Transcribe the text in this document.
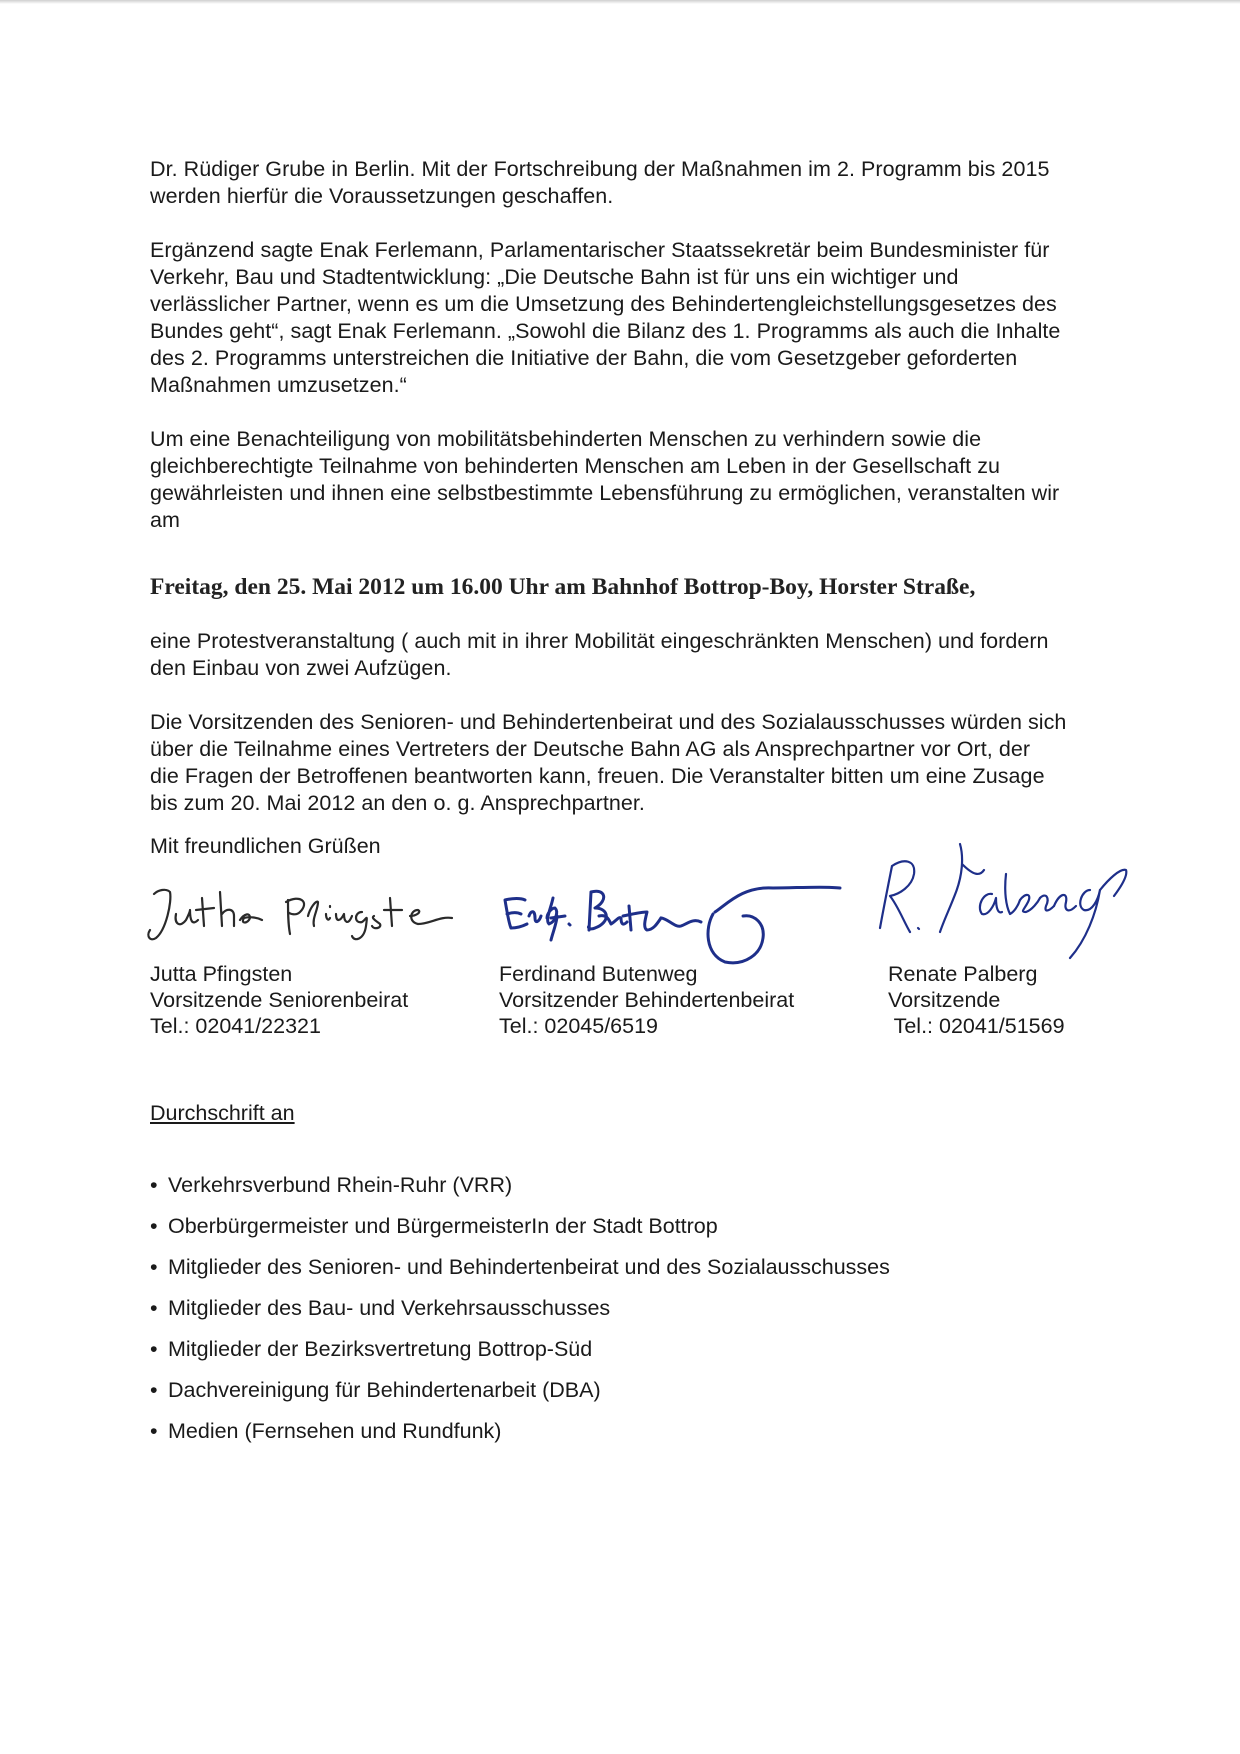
Dr. Rüdiger Grube in Berlin. Mit der Fortschreibung der Maßnahmen im 2. Programm bis 2015
werden hierfür die Voraussetzungen geschaffen.

Ergänzend sagte Enak Ferlemann, Parlamentarischer Staatssekretär beim Bundesminister für
Verkehr, Bau und Stadtentwicklung: „Die Deutsche Bahn ist für uns ein wichtiger und
verlässlicher Partner, wenn es um die Umsetzung des Behindertengleichstellungsgesetzes des
Bundes geht“, sagt Enak Ferlemann. „Sowohl die Bilanz des 1. Programms als auch die Inhalte
des 2. Programms unterstreichen die Initiative der Bahn, die vom Gesetzgeber geforderten
Maßnahmen umzusetzen.“

Um eine Benachteiligung von mobilitätsbehinderten Menschen zu verhindern sowie die
gleichberechtigte Teilnahme von behinderten Menschen am Leben in der Gesellschaft zu
gewährleisten und ihnen eine selbstbestimmte Lebensführung zu ermöglichen, veranstalten wir
am

Freitag, den 25. Mai 2012 um 16.00 Uhr am Bahnhof Bottrop-Boy, Horster Straße,

eine Protestveranstaltung ( auch mit in ihrer Mobilität eingeschränkten Menschen) und fordern
den Einbau von zwei Aufzügen.

Die Vorsitzenden des Senioren- und Behindertenbeirat und des Sozialausschusses würden sich
über die Teilnahme eines Vertreters der Deutsche Bahn AG als Ansprechpartner vor Ort, der
die Fragen der Betroffenen beantworten kann, freuen. Die Veranstalter bitten um eine Zusage
bis zum 20. Mai 2012 an den o. g. Ansprechpartner.

Mit freundlichen Grüßen
Jutta Pfingsten
Vorsitzende Seniorenbeirat
Tel.: 02041/22321
Ferdinand Butenweg
Vorsitzender Behindertenbeirat
Tel.: 02045/6519
Renate Palberg
Vorsitzende
Tel.: 02041/51569
Durchschrift an
• Verkehrsverbund Rhein-Ruhr (VRR)
• Oberbürgermeister und BürgermeisterIn der Stadt Bottrop
• Mitglieder des Senioren- und Behindertenbeirat und des Sozialausschusses
• Mitglieder des Bau- und Verkehrsausschusses
• Mitglieder der Bezirksvertretung Bottrop-Süd
• Dachvereinigung für Behindertenarbeit (DBA)
• Medien (Fernsehen und Rundfunk)
